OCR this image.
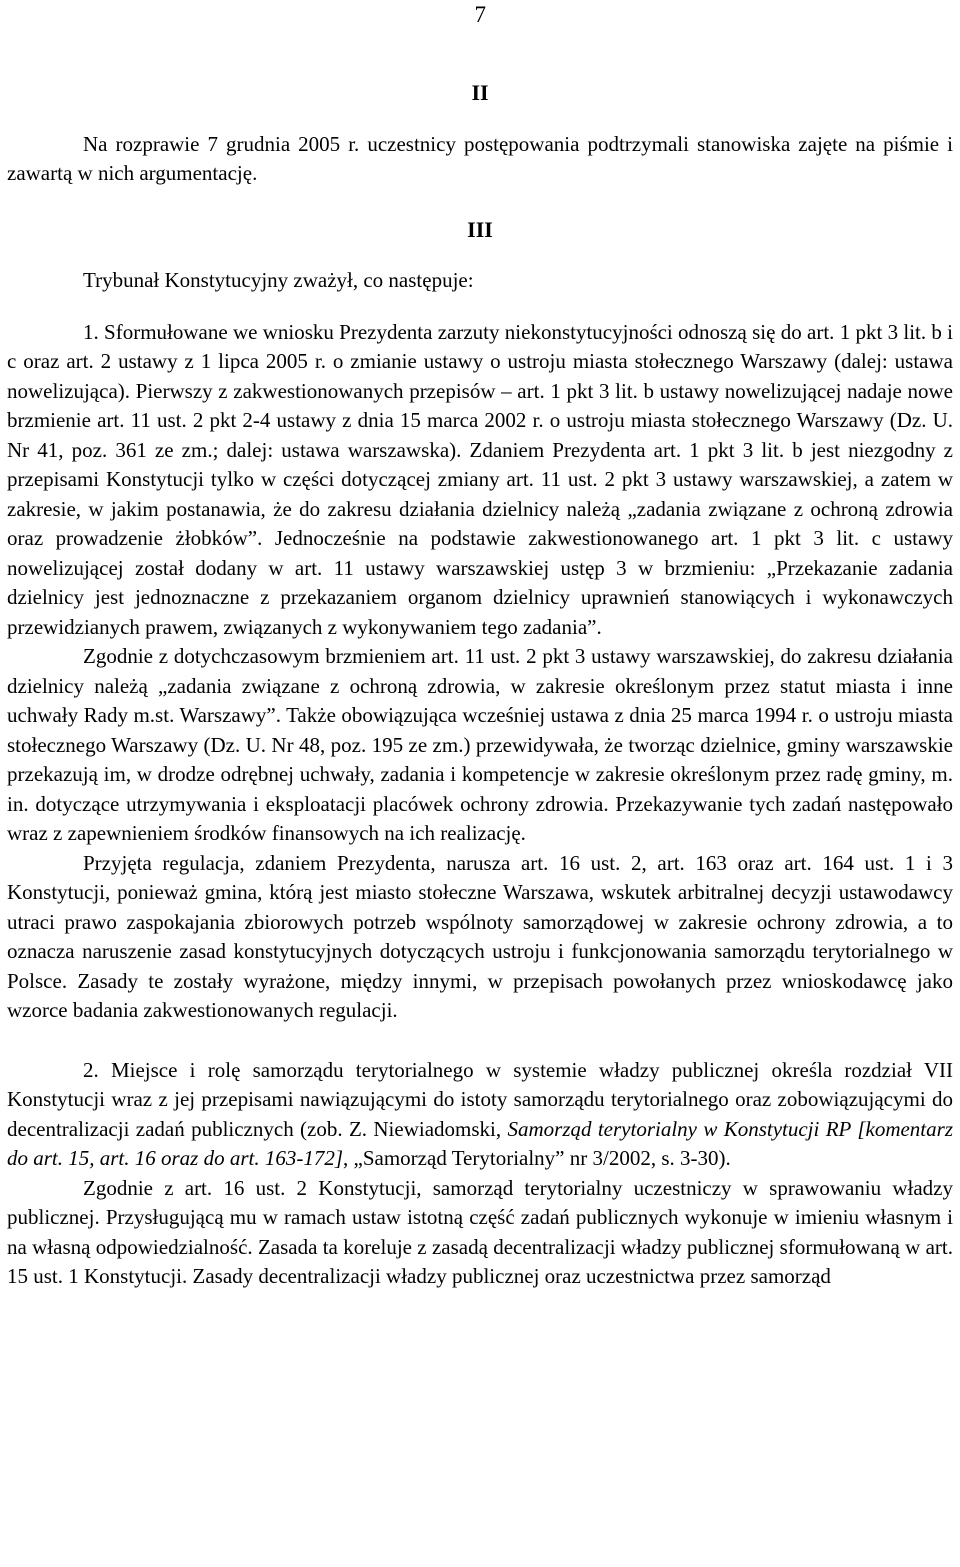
7

II

Na rozprawie 7 grudnia 2005 r. uczestnicy postępowania podtrzymali stanowiska zajęte na piśmie i zawartą w nich argumentację.

III

Trybunał Konstytucyjny zważył, co następuje:

1. Sformułowane we wniosku Prezydenta zarzuty niekonstytucyjności odnoszą się do art. 1 pkt 3 lit. b i c oraz art. 2 ustawy z 1 lipca 2005 r. o zmianie ustawy o ustroju miasta stołecznego Warszawy (dalej: ustawa nowelizująca). Pierwszy z zakwestionowanych przepisów – art. 1 pkt 3 lit. b ustawy nowelizującej nadaje nowe brzmienie art. 11 ust. 2 pkt 2-4 ustawy z dnia 15 marca 2002 r. o ustroju miasta stołecznego Warszawy (Dz. U. Nr 41, poz. 361 ze zm.; dalej: ustawa warszawska). Zdaniem Prezydenta art. 1 pkt 3 lit. b jest niezgodny z przepisami Konstytucji tylko w części dotyczącej zmiany art. 11 ust. 2 pkt 3 ustawy warszawskiej, a zatem w zakresie, w jakim postanawia, że do zakresu działania dzielnicy należą „zadania związane z ochroną zdrowia oraz prowadzenie żłobków”. Jednocześnie na podstawie zakwestionowanego art. 1 pkt 3 lit. c ustawy nowelizującej został dodany w art. 11 ustawy warszawskiej ustęp 3 w brzmieniu: „Przekazanie zadania dzielnicy jest jednoznaczne z przekazaniem organom dzielnicy uprawnień stanowiących i wykonawczych przewidzianych prawem, związanych z wykonywaniem tego zadania”.

Zgodnie z dotychczasowym brzmieniem art. 11 ust. 2 pkt 3 ustawy warszawskiej, do zakresu działania dzielnicy należą „zadania związane z ochroną zdrowia, w zakresie określonym przez statut miasta i inne uchwały Rady m.st. Warszawy”. Także obowiązująca wcześniej ustawa z dnia 25 marca 1994 r. o ustroju miasta stołecznego Warszawy (Dz. U. Nr 48, poz. 195 ze zm.) przewidywała, że tworząc dzielnice, gminy warszawskie przekazują im, w drodze odrębnej uchwały, zadania i kompetencje w zakresie określonym przez radę gminy, m. in. dotyczące utrzymywania i eksploatacji placówek ochrony zdrowia. Przekazywanie tych zadań następowało wraz z zapewnieniem środków finansowych na ich realizację.

Przyjęta regulacja, zdaniem Prezydenta, narusza art. 16 ust. 2, art. 163 oraz art. 164 ust. 1 i 3 Konstytucji, ponieważ gmina, którą jest miasto stołeczne Warszawa, wskutek arbitralnej decyzji ustawodawcy utraci prawo zaspokajania zbiorowych potrzeb wspólnoty samorządowej w zakresie ochrony zdrowia, a to oznacza naruszenie zasad konstytucyjnych dotyczących ustroju i funkcjonowania samorządu terytorialnego w Polsce. Zasady te zostały wyrażone, między innymi, w przepisach powołanych przez wnioskodawcę jako wzorce badania zakwestionowanych regulacji.

2. Miejsce i rolę samorządu terytorialnego w systemie władzy publicznej określa rozdział VII Konstytucji wraz z jej przepisami nawiązującymi do istoty samorządu terytorialnego oraz zobowiązującymi do decentralizacji zadań publicznych (zob. Z. Niewiadomski, Samorząd terytorialny w Konstytucji RP [komentarz do art. 15, art. 16 oraz do art. 163-172], „Samorząd Terytorialny” nr 3/2002, s. 3-30).

Zgodnie z art. 16 ust. 2 Konstytucji, samorząd terytorialny uczestniczy w sprawowaniu władzy publicznej. Przysługującą mu w ramach ustaw istotną część zadań publicznych wykonuje w imieniu własnym i na własną odpowiedzialność. Zasada ta koreluje z zasadą decentralizacji władzy publicznej sformułowaną w art. 15 ust. 1 Konstytucji. Zasady decentralizacji władzy publicznej oraz uczestnictwa przez samorząd
